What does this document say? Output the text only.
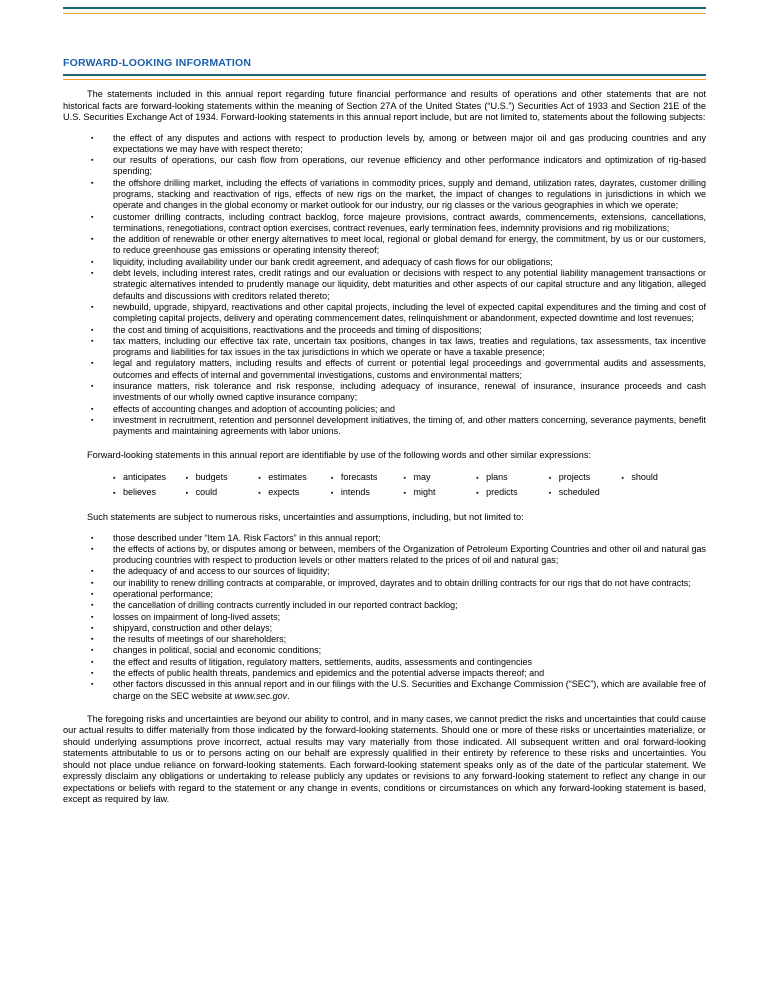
FORWARD-LOOKING INFORMATION

The statements included in this annual report regarding future financial performance and results of operations and other statements that are not historical facts are forward-looking statements within the meaning of Section 27A of the United States (“U.S.”) Securities Act of 1933 and Section 21E of the U.S. Securities Exchange Act of 1934. Forward-looking statements in this annual report include, but are not limited to, statements about the following subjects:

▪	the effect of any disputes and actions with respect to production levels by, among or between major oil and gas producing countries and any expectations we may have with respect thereto;
▪	our results of operations, our cash flow from operations, our revenue efficiency and other performance indicators and optimization of rig-based spending;
▪	the offshore drilling market, including the effects of variations in commodity prices, supply and demand, utilization rates, dayrates, customer drilling programs, stacking and reactivation of rigs, effects of new rigs on the market, the impact of changes to regulations in jurisdictions in which we operate and changes in the global economy or market outlook for our industry, our rig classes or the various geographies in which we operate;
▪	customer drilling contracts, including contract backlog, force majeure provisions, contract awards, commencements, extensions, cancellations, terminations, renegotiations, contract option exercises, contract revenues, early termination fees, indemnity provisions and rig mobilizations;
▪	the addition of renewable or other energy alternatives to meet local, regional or global demand for energy, the commitment, by us or our customers, to reduce greenhouse gas emissions or operating intensity thereof;
▪	liquidity, including availability under our bank credit agreement, and adequacy of cash flows for our obligations;
▪	debt levels, including interest rates, credit ratings and our evaluation or decisions with respect to any potential liability management transactions or strategic alternatives intended to prudently manage our liquidity, debt maturities and other aspects of our capital structure and any litigation, alleged defaults and discussions with creditors related thereto;
▪	newbuild, upgrade, shipyard, reactivations and other capital projects, including the level of expected capital expenditures and the timing and cost of completing capital projects, delivery and operating commencement dates, relinquishment or abandonment, expected downtime and lost revenues;
▪	the cost and timing of acquisitions, reactivations and the proceeds and timing of dispositions;
▪	tax matters, including our effective tax rate, uncertain tax positions, changes in tax laws, treaties and regulations, tax assessments, tax incentive programs and liabilities for tax issues in the tax jurisdictions in which we operate or have a taxable presence;
▪	legal and regulatory matters, including results and effects of current or potential legal proceedings and governmental audits and assessments, outcomes and effects of internal and governmental investigations, customs and environmental matters;
▪	insurance matters, risk tolerance and risk response, including adequacy of insurance, renewal of insurance, insurance proceeds and cash investments of our wholly owned captive insurance company;
▪	effects of accounting changes and adoption of accounting policies; and
▪	investment in recruitment, retention and personnel development initiatives, the timing of, and other matters concerning, severance payments, benefit payments and maintaining agreements with labor unions.

Forward-looking statements in this annual report are identifiable by use of the following words and other similar expressions:

▪ anticipates	▪ budgets	▪ estimates	▪ forecasts	▪ may	▪ plans	▪ projects	▪ should
▪ believes	▪ could	▪ expects	▪ intends	▪ might	▪ predicts	▪ scheduled

Such statements are subject to numerous risks, uncertainties and assumptions, including, but not limited to:

▪	those described under “Item 1A. Risk Factors” in this annual report;
▪	the effects of actions by, or disputes among or between, members of the Organization of Petroleum Exporting Countries and other oil and natural gas producing countries with respect to production levels or other matters related to the prices of oil and natural gas;
▪	the adequacy of and access to our sources of liquidity;
▪	our inability to renew drilling contracts at comparable, or improved, dayrates and to obtain drilling contracts for our rigs that do not have contracts;
▪	operational performance;
▪	the cancellation of drilling contracts currently included in our reported contract backlog;
▪	losses on impairment of long-lived assets;
▪	shipyard, construction and other delays;
▪	the results of meetings of our shareholders;
▪	changes in political, social and economic conditions;
▪	the effect and results of litigation, regulatory matters, settlements, audits, assessments and contingencies
▪	the effects of public health threats, pandemics and epidemics and the potential adverse impacts thereof; and
▪	other factors discussed in this annual report and in our filings with the U.S. Securities and Exchange Commission (“SEC”), which are available free of charge on the SEC website at www.sec.gov.

The foregoing risks and uncertainties are beyond our ability to control, and in many cases, we cannot predict the risks and uncertainties that could cause our actual results to differ materially from those indicated by the forward-looking statements. Should one or more of these risks or uncertainties materialize, or should underlying assumptions prove incorrect, actual results may vary materially from those indicated. All subsequent written and oral forward-looking statements attributable to us or to persons acting on our behalf are expressly qualified in their entirety by reference to these risks and uncertainties. You should not place undue reliance on forward-looking statements. Each forward-looking statement speaks only as of the date of the particular statement. We expressly disclaim any obligations or undertaking to release publicly any updates or revisions to any forward-looking statement to reflect any change in our expectations or beliefs with regard to the statement or any change in events, conditions or circumstances on which any forward-looking statement is based, except as required by law.
